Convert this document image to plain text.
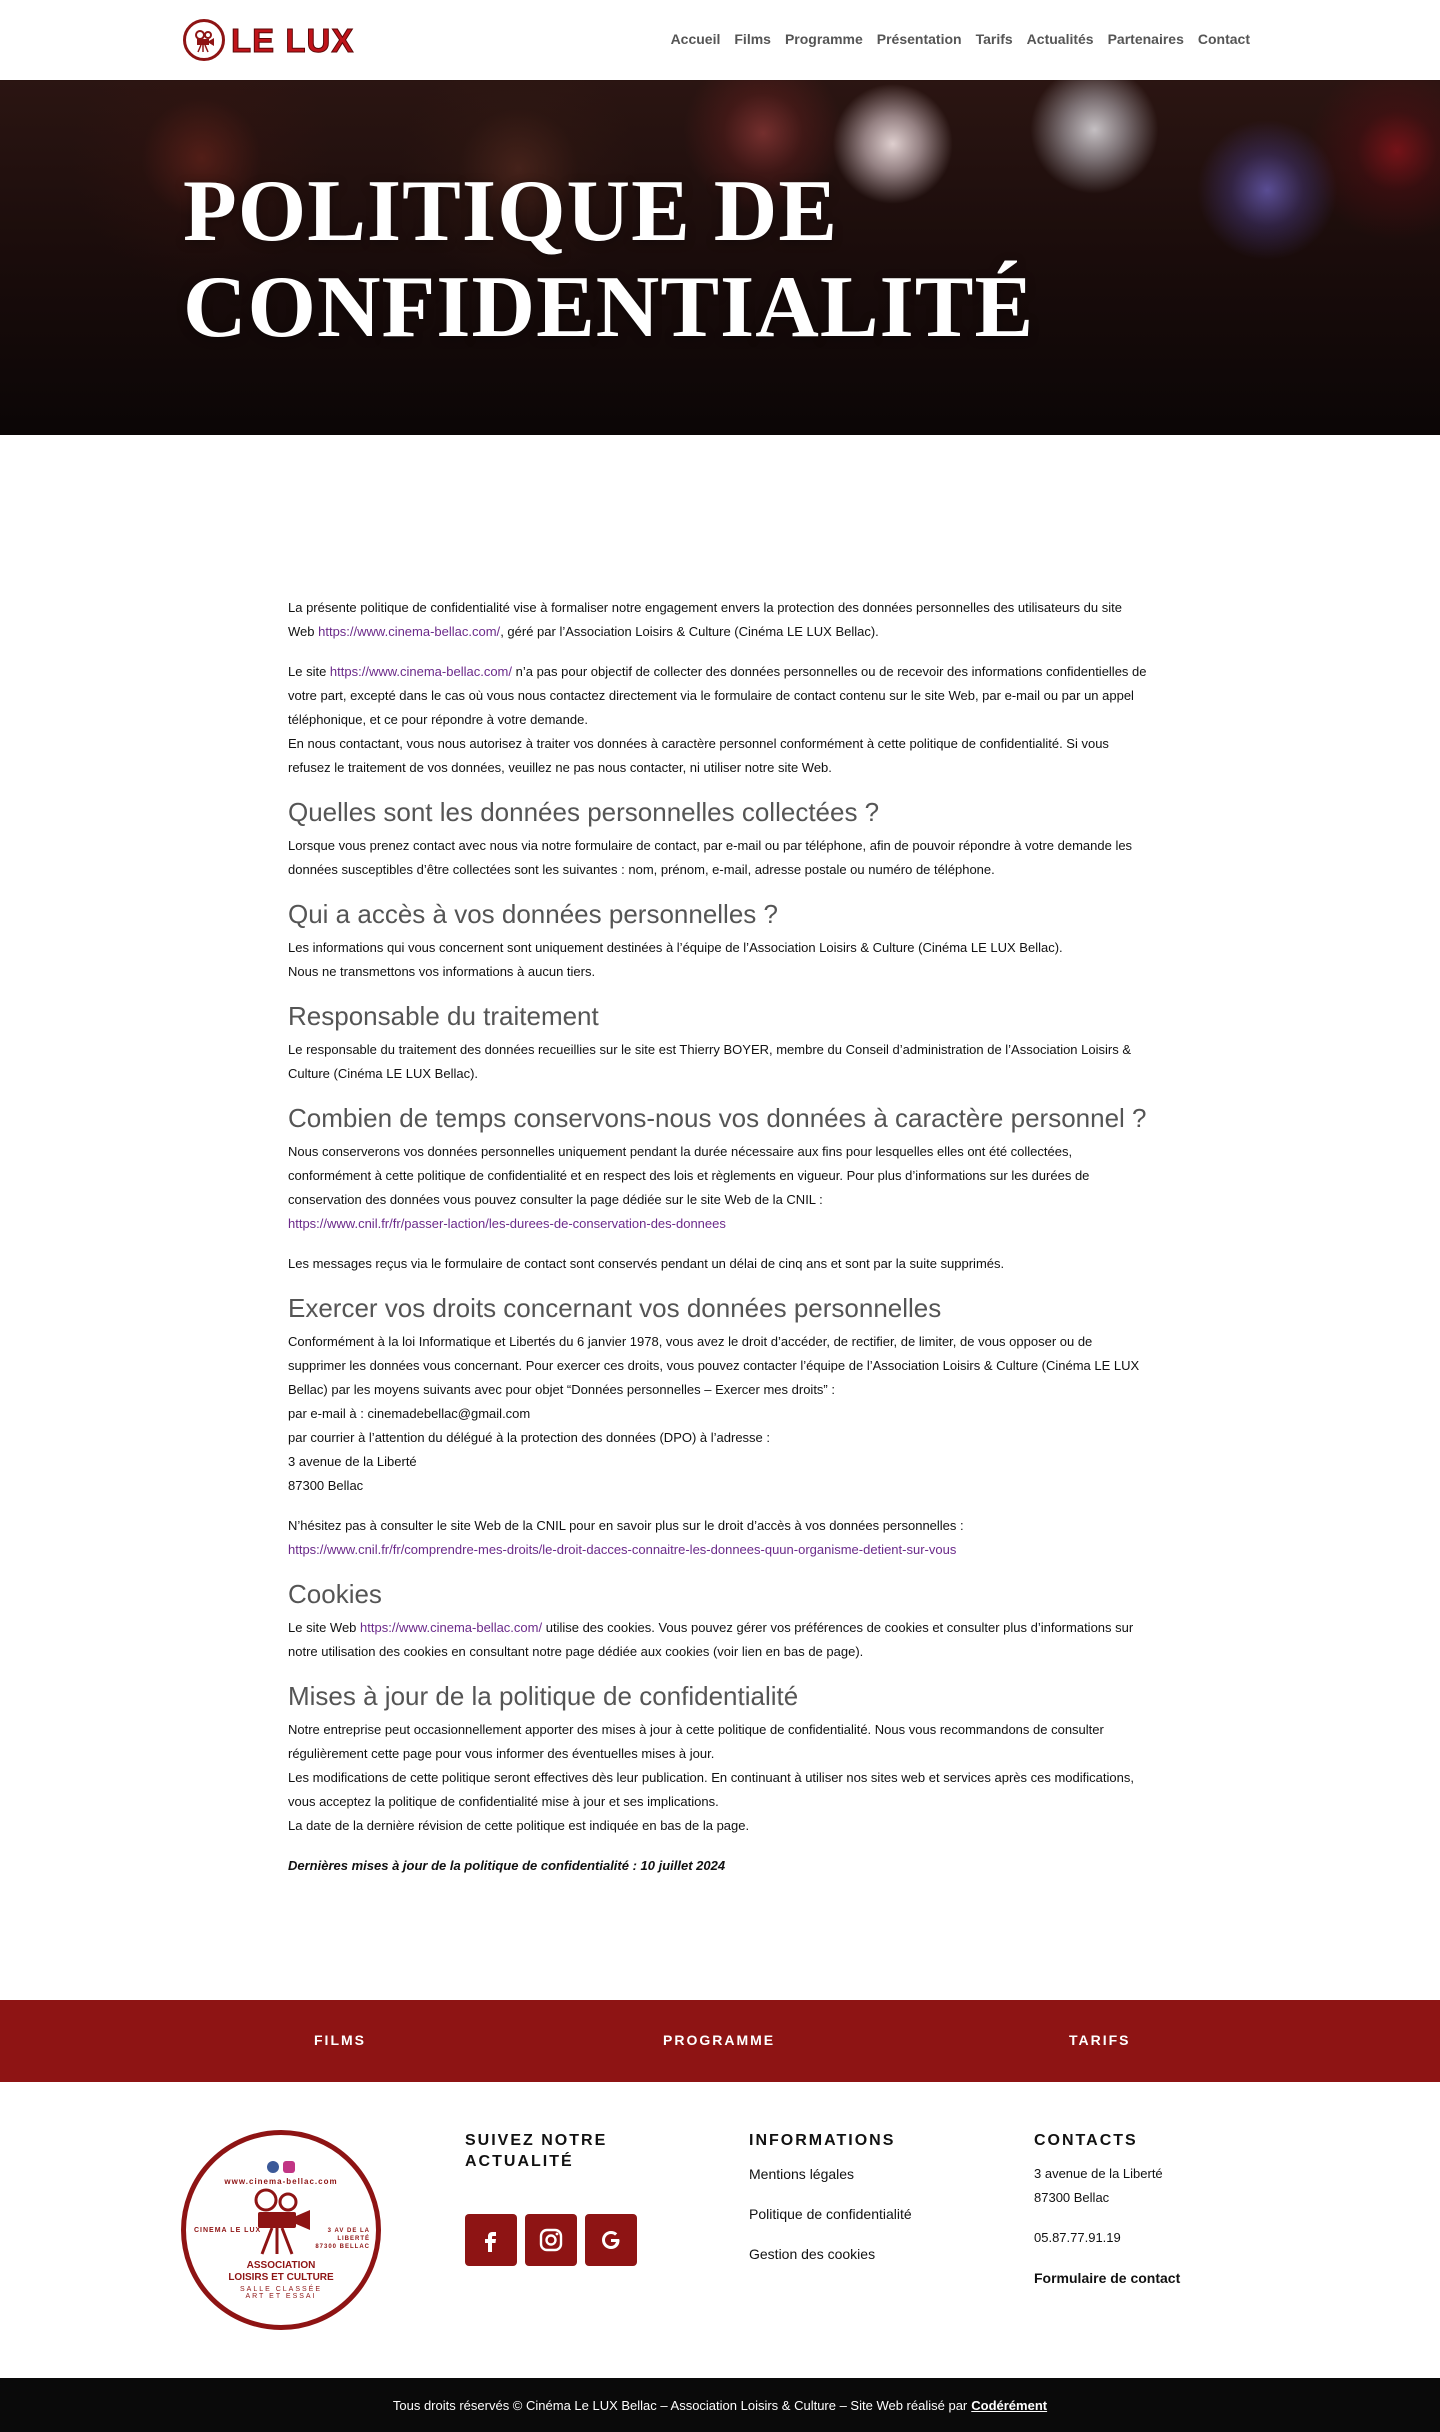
LE LUX	Accueil Films Programme Présentation Tarifs Actualités Partenaires Contact
POLITIQUE DE
CONFIDENTIALITÉ

La présente politique de confidentialité vise à formaliser notre engagement envers la protection des données personnelles des utilisateurs du site Web https://www.cinema-bellac.com/, géré par l’Association Loisirs & Culture (Cinéma LE LUX Bellac).

Le site https://www.cinema-bellac.com/ n’a pas pour objectif de collecter des données personnelles ou de recevoir des informations confidentielles de votre part, excepté dans le cas où vous nous contactez directement via le formulaire de contact contenu sur le site Web, par e-mail ou par un appel téléphonique, et ce pour répondre à votre demande.
En nous contactant, vous nous autorisez à traiter vos données à caractère personnel conformément à cette politique de confidentialité. Si vous refusez le traitement de vos données, veuillez ne pas nous contacter, ni utiliser notre site Web.

Quelles sont les données personnelles collectées ?

Lorsque vous prenez contact avec nous via notre formulaire de contact, par e-mail ou par téléphone, afin de pouvoir répondre à votre demande les données susceptibles d’être collectées sont les suivantes : nom, prénom, e-mail, adresse postale ou numéro de téléphone.

Qui a accès à vos données personnelles ?

Les informations qui vous concernent sont uniquement destinées à l’équipe de l’Association Loisirs & Culture (Cinéma LE LUX Bellac).
Nous ne transmettons vos informations à aucun tiers.

Responsable du traitement

Le responsable du traitement des données recueillies sur le site est Thierry BOYER, membre du Conseil d’administration de l’Association Loisirs & Culture (Cinéma LE LUX Bellac).

Combien de temps conservons-nous vos données à caractère personnel ?

Nous conserverons vos données personnelles uniquement pendant la durée nécessaire aux fins pour lesquelles elles ont été collectées, conformément à cette politique de confidentialité et en respect des lois et règlements en vigueur. Pour plus d’informations sur les durées de conservation des données vous pouvez consulter la page dédiée sur le site Web de la CNIL :
https://www.cnil.fr/fr/passer-laction/les-durees-de-conservation-des-donnees

Les messages reçus via le formulaire de contact sont conservés pendant un délai de cinq ans et sont par la suite supprimés.

Exercer vos droits concernant vos données personnelles

Conformément à la loi Informatique et Libertés du 6 janvier 1978, vous avez le droit d’accéder, de rectifier, de limiter, de vous opposer ou de supprimer les données vous concernant. Pour exercer ces droits, vous pouvez contacter l’équipe de l’Association Loisirs & Culture (Cinéma LE LUX Bellac) par les moyens suivants avec pour objet “Données personnelles – Exercer mes droits” :
par e-mail à : cinemadebellac@gmail.com
par courrier à l’attention du délégué à la protection des données (DPO) à l’adresse :
3 avenue de la Liberté
87300 Bellac

N’hésitez pas à consulter le site Web de la CNIL pour en savoir plus sur le droit d’accès à vos données personnelles :
https://www.cnil.fr/fr/comprendre-mes-droits/le-droit-dacces-connaitre-les-donnees-quun-organisme-detient-sur-vous

Cookies

Le site Web https://www.cinema-bellac.com/ utilise des cookies. Vous pouvez gérer vos préférences de cookies et consulter plus d’informations sur notre utilisation des cookies en consultant notre page dédiée aux cookies (voir lien en bas de page).

Mises à jour de la politique de confidentialité

Notre entreprise peut occasionnellement apporter des mises à jour à cette politique de confidentialité. Nous vous recommandons de consulter régulièrement cette page pour vous informer des éventuelles mises à jour.
Les modifications de cette politique seront effectives dès leur publication. En continuant à utiliser nos sites web et services après ces modifications, vous acceptez la politique de confidentialité mise à jour et ses implications.
La date de la dernière révision de cette politique est indiquée en bas de la page.

Dernières mises à jour de la politique de confidentialité : 10 juillet 2024

FILMS	PROGRAMME	TARIFS
www.cinema-bellac.com
ASSOCIATION
LOISIRS ET CULTURE
SALLE CLASSÉE
ART ET ESSAI
CINEMA LE LUX	3 AV DE LA LIBERTÉ 87300 BELLAC
SUIVEZ NOTRE
ACTUALITÉ
INFORMATIONS
Mentions légales
Politique de confidentialité
Gestion des cookies
CONTACTS
3 avenue de la Liberté
87300 Bellac
05.87.77.91.19
Formulaire de contact
Tous droits réservés © Cinéma Le LUX Bellac – Association Loisirs & Culture – Site Web réalisé par Codérément
